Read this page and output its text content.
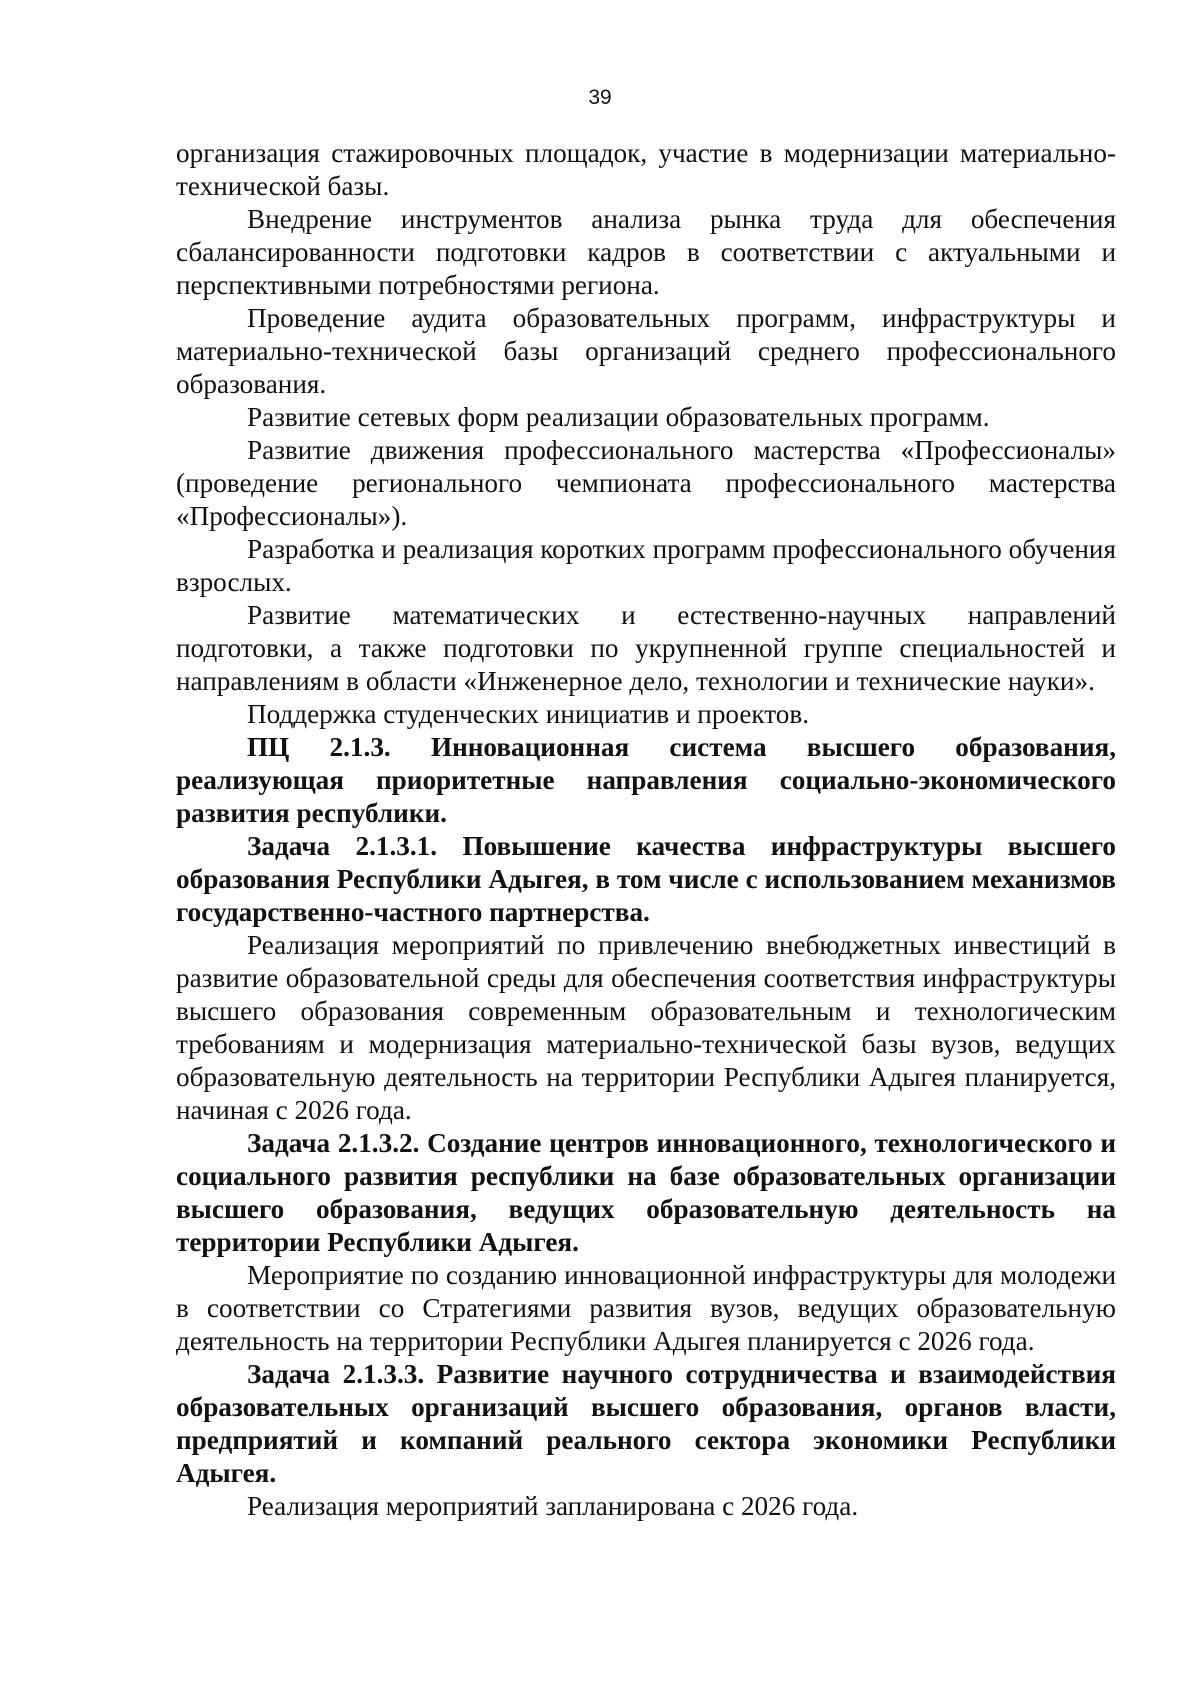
39

организация стажировочных площадок, участие в модернизации материально-технической базы.

Внедрение инструментов анализа рынка труда для обеспечения сбалансированности подготовки кадров в соответствии с актуальными и перспективными потребностями региона.

Проведение аудита образовательных программ, инфраструктуры и материально-технической базы организаций среднего профессионального образования.

Развитие сетевых форм реализации образовательных программ.

Развитие движения профессионального мастерства «Профессионалы» (проведение регионального чемпионата профессионального мастерства «Профессионалы»).

Разработка и реализация коротких программ профессионального обучения взрослых.

Развитие математических и естественно-научных направлений подготовки, а также подготовки по укрупненной группе специальностей и направлениям в области «Инженерное дело, технологии и технические науки».

Поддержка студенческих инициатив и проектов.

ПЦ 2.1.3. Инновационная система высшего образования, реализующая приоритетные направления социально-экономического развития республики.

Задача 2.1.3.1. Повышение качества инфраструктуры высшего образования Республики Адыгея, в том числе с использованием механизмов государственно-частного партнерства.

Реализация мероприятий по привлечению внебюджетных инвестиций в развитие образовательной среды для обеспечения соответствия инфраструктуры высшего образования современным образовательным и технологическим требованиям и модернизация материально-технической базы вузов, ведущих образовательную деятельность на территории Республики Адыгея планируется, начиная с 2026 года.

Задача 2.1.3.2. Создание центров инновационного, технологического и социального развития республики на базе образовательных организации высшего образования, ведущих образовательную деятельность на территории Республики Адыгея.

Мероприятие по созданию инновационной инфраструктуры для молодежи в соответствии со Стратегиями развития вузов, ведущих образовательную деятельность на территории Республики Адыгея планируется с 2026 года.

Задача 2.1.3.3. Развитие научного сотрудничества и взаимодействия образовательных организаций высшего образования, органов власти, предприятий и компаний реального сектора экономики Республики Адыгея.

Реализация мероприятий запланирована с 2026 года.
